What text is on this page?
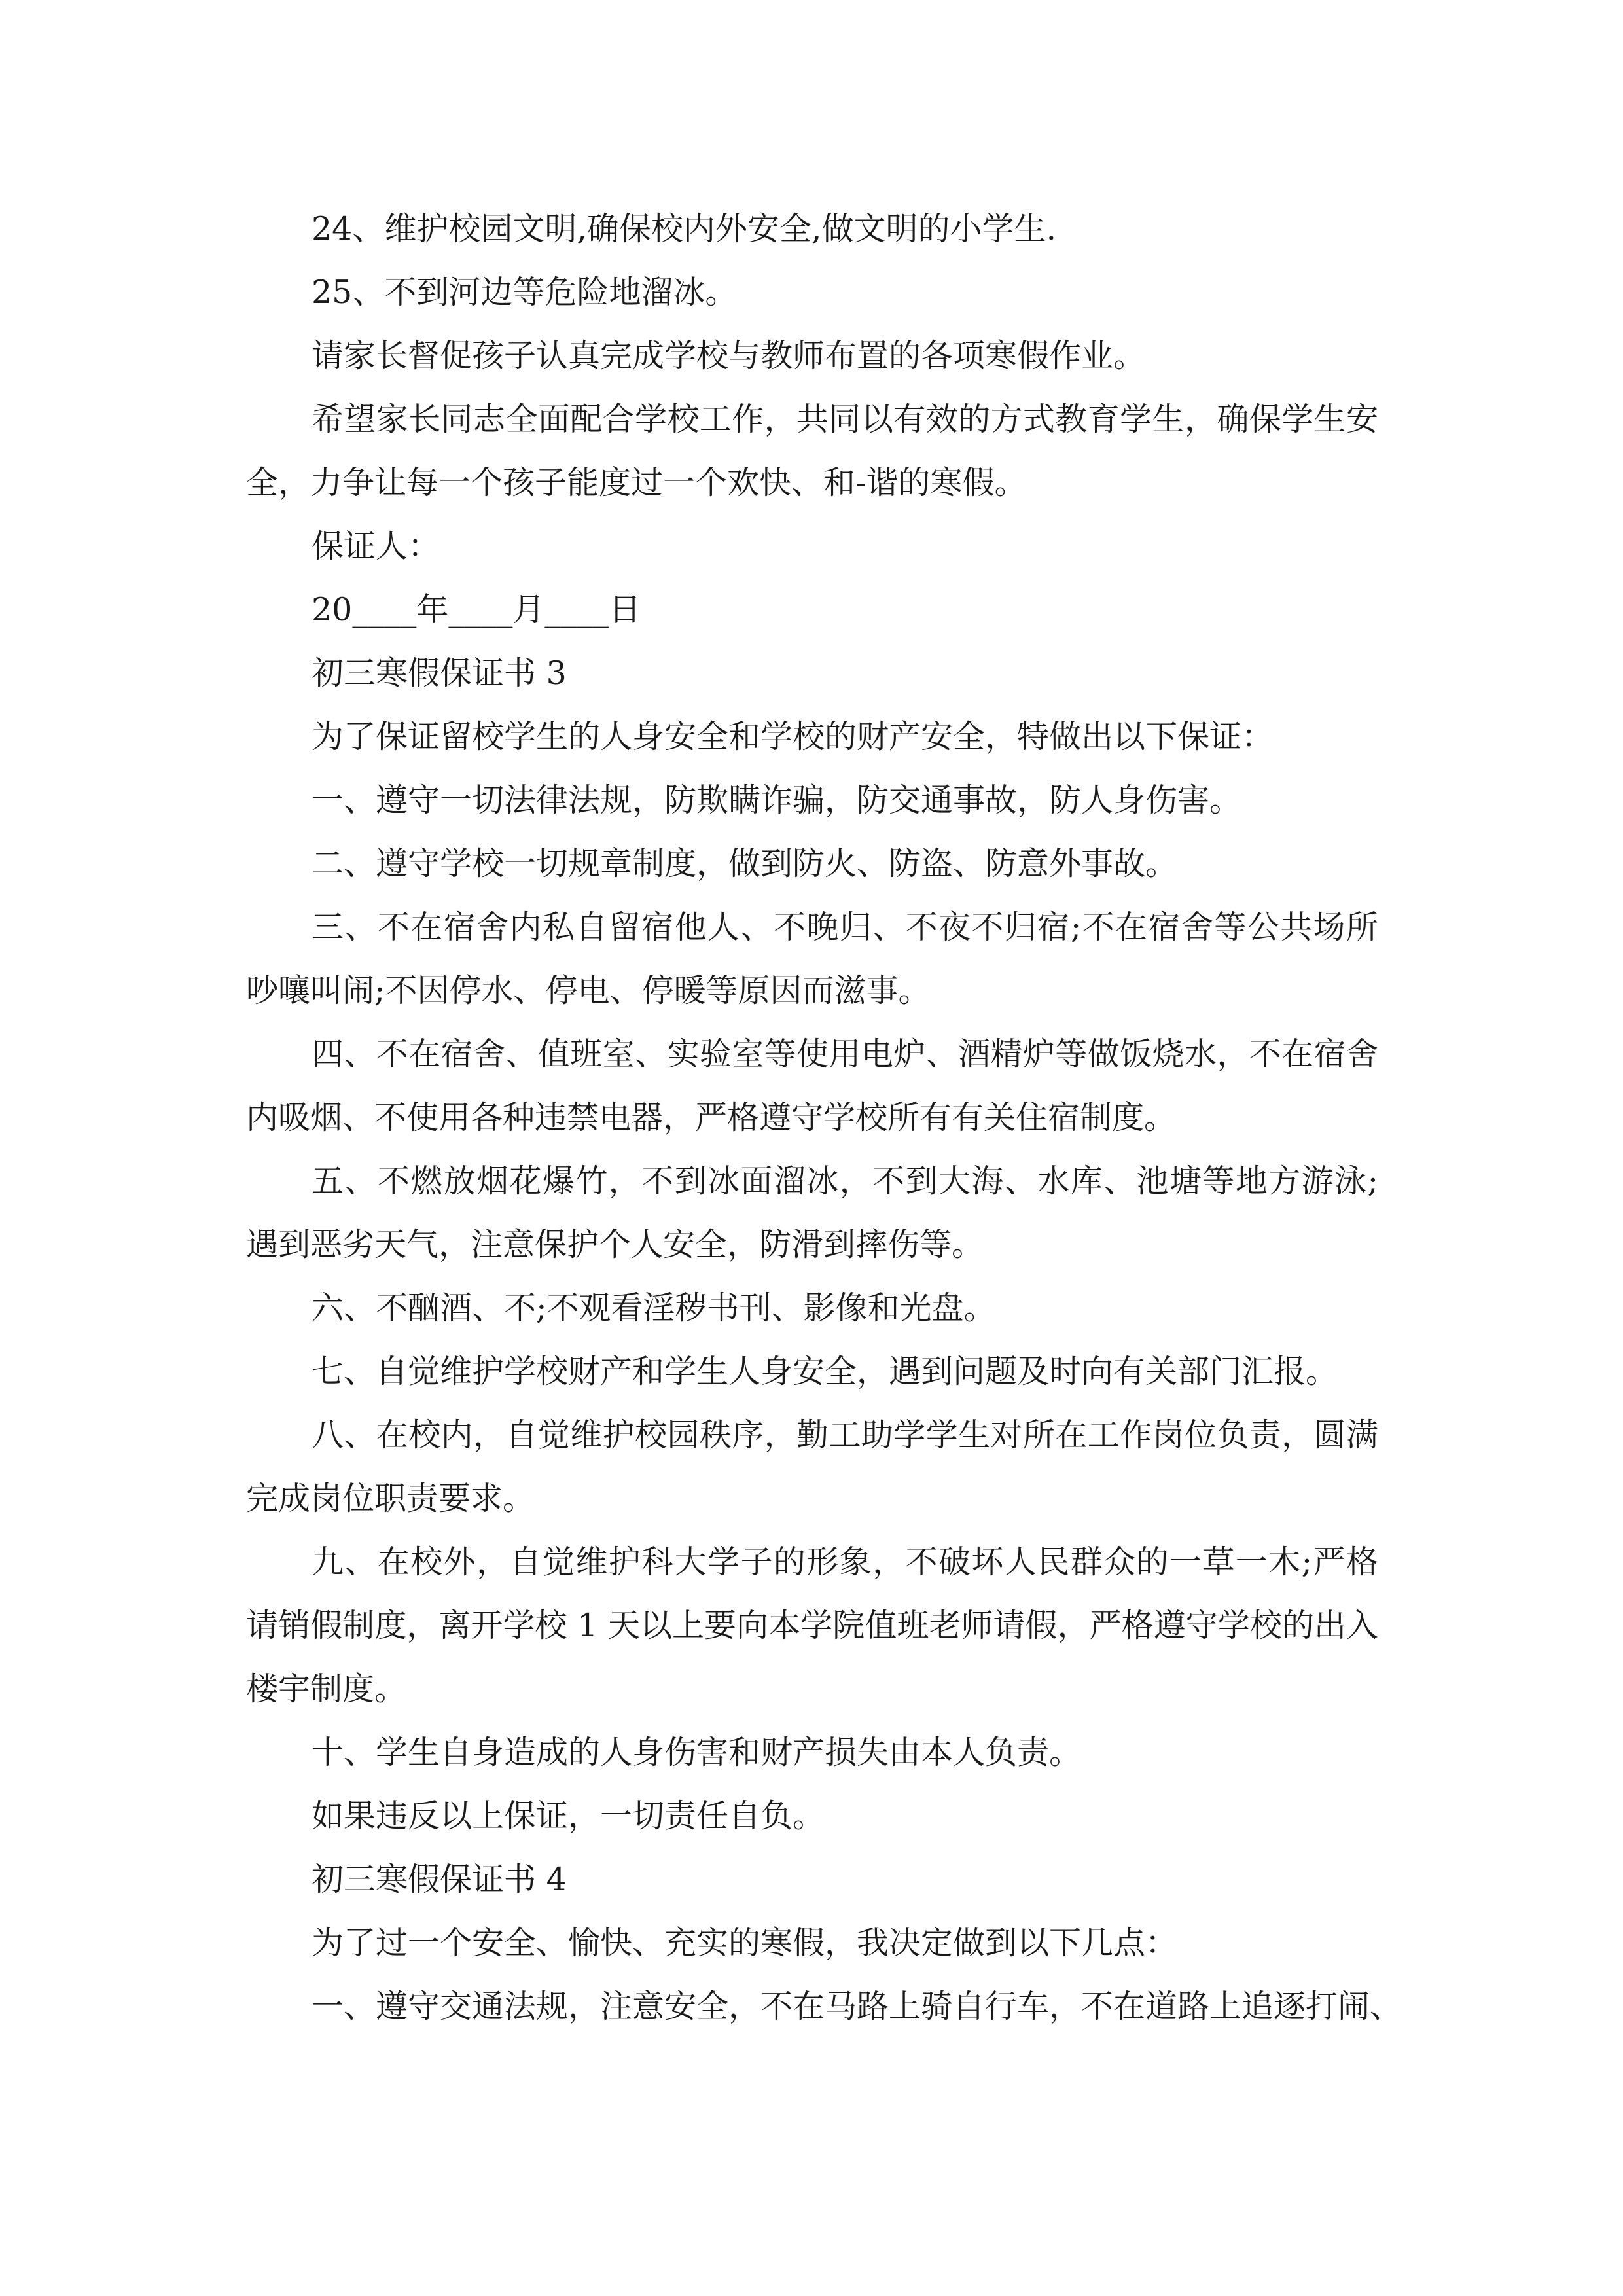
24、维护校园文明,确保校内外安全,做文明的小学生.
25、不到河边等危险地溜冰。
请家长督促孩子认真完成学校与教师布置的各项寒假作业。
希望家长同志全面配合学校工作，共同以有效的方式教育学生，确保学生安
全，力争让每一个孩子能度过一个欢快、和-谐的寒假。
保证人：
20____年____月____日
初三寒假保证书 3
为了保证留校学生的人身安全和学校的财产安全，特做出以下保证：
一、遵守一切法律法规，防欺瞒诈骗，防交通事故，防人身伤害。
二、遵守学校一切规章制度，做到防火、防盗、防意外事故。
三、不在宿舍内私自留宿他人、不晚归、不夜不归宿;不在宿舍等公共场所
吵嚷叫闹;不因停水、停电、停暖等原因而滋事。
四、不在宿舍、值班室、实验室等使用电炉、酒精炉等做饭烧水，不在宿舍
内吸烟、不使用各种违禁电器，严格遵守学校所有有关住宿制度。
五、不燃放烟花爆竹，不到冰面溜冰，不到大海、水库、池塘等地方游泳;
遇到恶劣天气，注意保护个人安全，防滑到摔伤等。
六、不酗酒、不;不观看淫秽书刊、影像和光盘。
七、自觉维护学校财产和学生人身安全，遇到问题及时向有关部门汇报。
八、在校内，自觉维护校园秩序，勤工助学学生对所在工作岗位负责，圆满
完成岗位职责要求。
九、在校外，自觉维护科大学子的形象，不破坏人民群众的一草一木;严格
请销假制度，离开学校 1 天以上要向本学院值班老师请假，严格遵守学校的出入
楼宇制度。
十、学生自身造成的人身伤害和财产损失由本人负责。
如果违反以上保证，一切责任自负。
初三寒假保证书 4
为了过一个安全、愉快、充实的寒假，我决定做到以下几点：
一、遵守交通法规，注意安全，不在马路上骑自行车，不在道路上追逐打闹、
